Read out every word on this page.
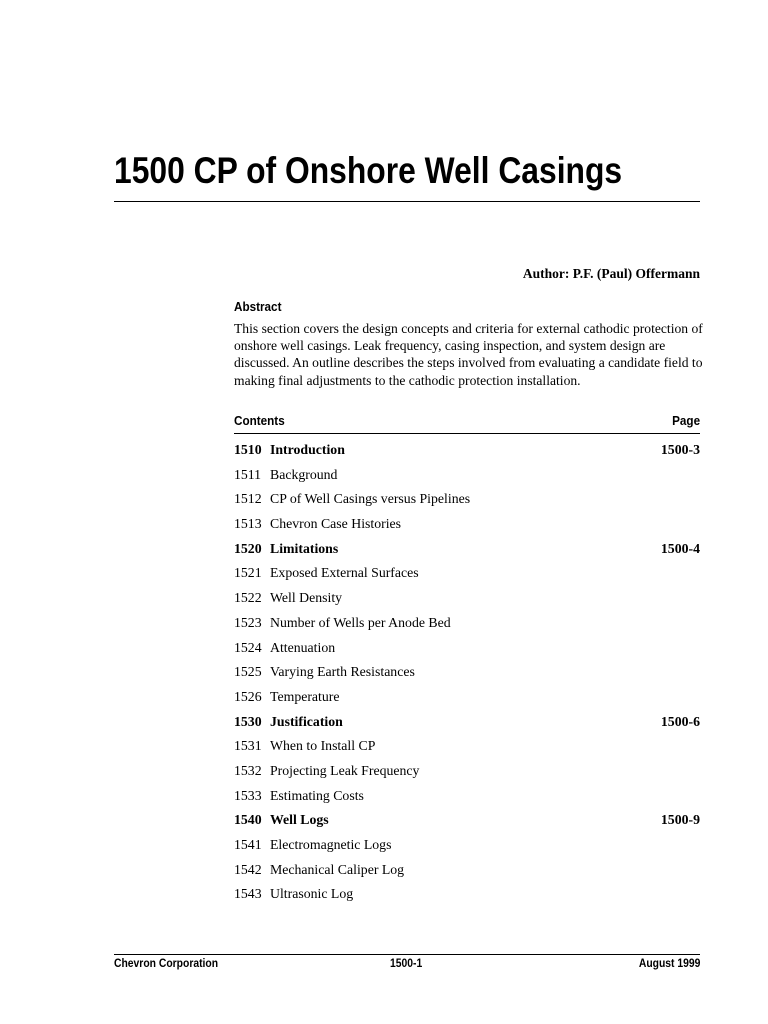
1500 CP of Onshore Well Casings
Author: P.F. (Paul) Offermann
Abstract
This section covers the design concepts and criteria for external cathodic protection of onshore well casings. Leak frequency, casing inspection, and system design are discussed. An outline describes the steps involved from evaluating a candidate field to making final adjustments to the cathodic protection installation.
Contents	Page
1510 Introduction	1500-3
1511 Background
1512 CP of Well Casings versus Pipelines
1513 Chevron Case Histories
1520 Limitations	1500-4
1521 Exposed External Surfaces
1522 Well Density
1523 Number of Wells per Anode Bed
1524 Attenuation
1525 Varying Earth Resistances
1526 Temperature
1530 Justification	1500-6
1531 When to Install CP
1532 Projecting Leak Frequency
1533 Estimating Costs
1540 Well Logs	1500-9
1541 Electromagnetic Logs
1542 Mechanical Caliper Log
1543 Ultrasonic Log
Chevron Corporation	1500-1	August 1999
